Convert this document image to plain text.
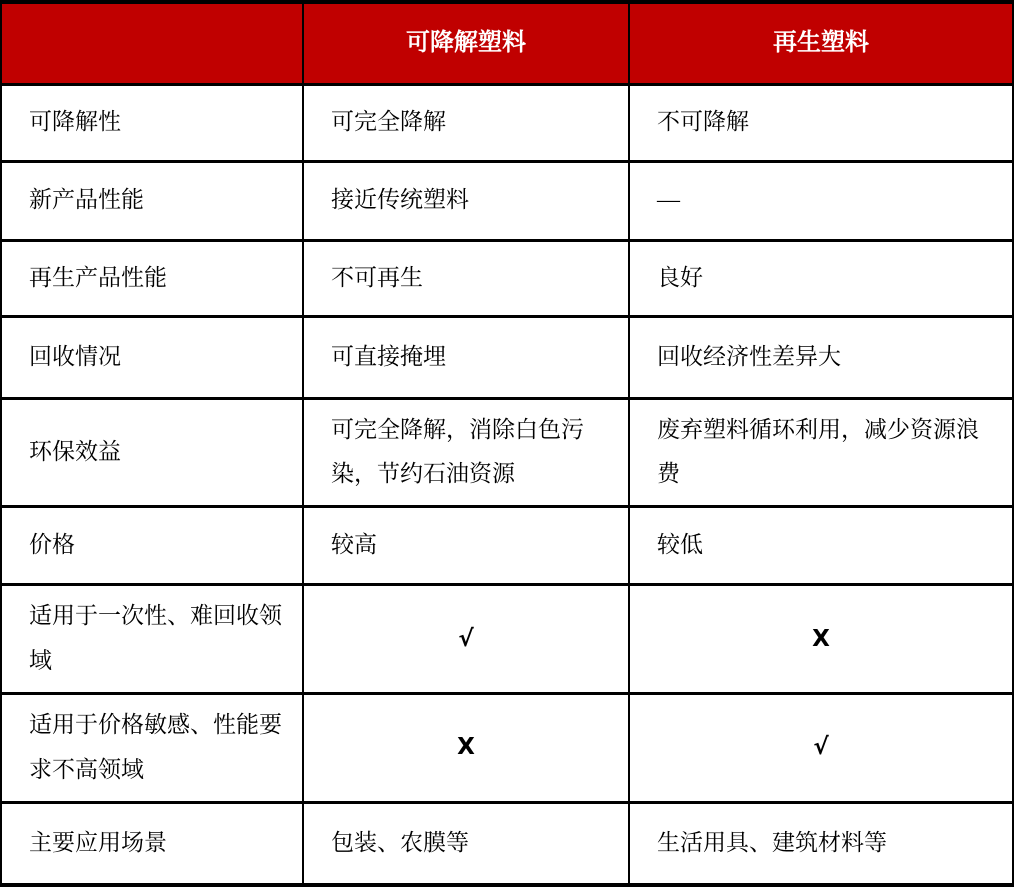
	可降解塑料	再生塑料
可降解性	可完全降解	不可降解
新产品性能	接近传统塑料	—
再生产品性能	不可再生	良好
回收情况	可直接掩埋	回收经济性差异大
环保效益	可完全降解，消除白色污染，节约石油资源	废弃塑料循环利用，减少资源浪费
价格	较高	较低
适用于一次性、难回收领域	√	X
适用于价格敏感、性能要求不高领域	X	√
主要应用场景	包装、农膜等	生活用具、建筑材料等
